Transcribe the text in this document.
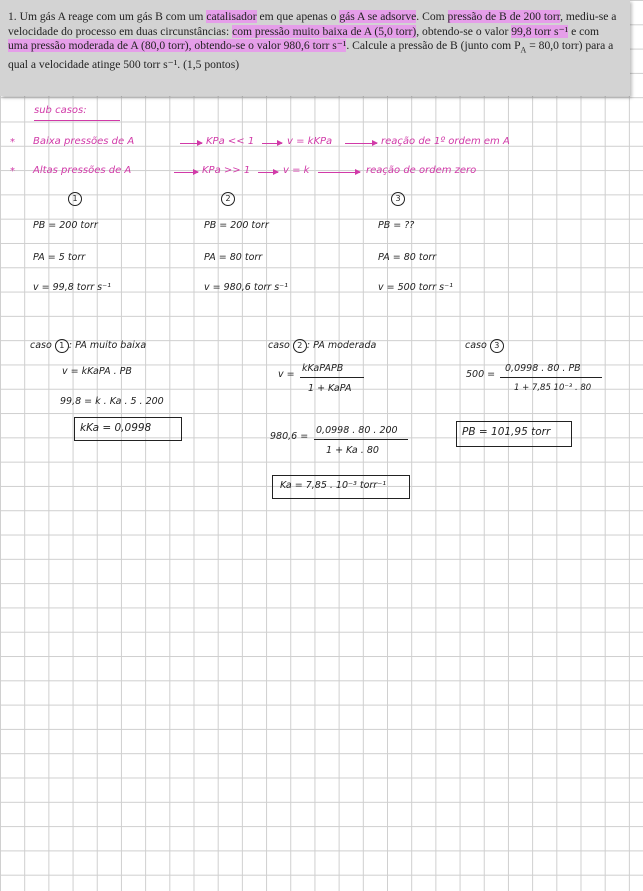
1. Um gás A reage com um gás B com um catalisador em que apenas o gás A se adsorve. Com pressão de B de 200 torr, mediu-se a velocidade do processo em duas circunstâncias: com pressão muito baixa de A (5,0 torr), obtendo-se o valor 99,8 torr s⁻¹ e com uma pressão moderada de A (80,0 torr), obtendo-se o valor 980,6 torr s⁻¹. Calcule a pressão de B (junto com $P_A = 80,0$ torr) para a qual a velocidade atinge 500 torr s⁻¹. (1,5 pontos)
sub casos:
* Baixa pressões de A	KPa << 1	v = kKPa	reação de 1º ordem em A
* Altas pressões de A	KPa >> 1	v = k	reação de ordem zero
1
PB = 200 torr
PA = 5 torr
v = 99,8 torr s⁻¹
2
PB = 200 torr
PA = 80 torr
v = 980,6 torr s⁻¹
3
PB = ??
PA = 80 torr
v = 500 torr s⁻¹
caso 1 : PA muito baixa
v = kKaPA . PB
99,8 = k . Ka . 5 . 200
kKa = 0,0998
caso 2 : PA moderada
v =
kKaPAPB
1 + KaPA
980,6 =
0,0998 . 80 . 200
1 + Ka . 80
Ka = 7,85 . 10⁻³ torr⁻¹
caso 3
500 =
0,0998 . 80 . PB
1 + 7,85 10⁻³ . 80
PB = 101,95 torr
